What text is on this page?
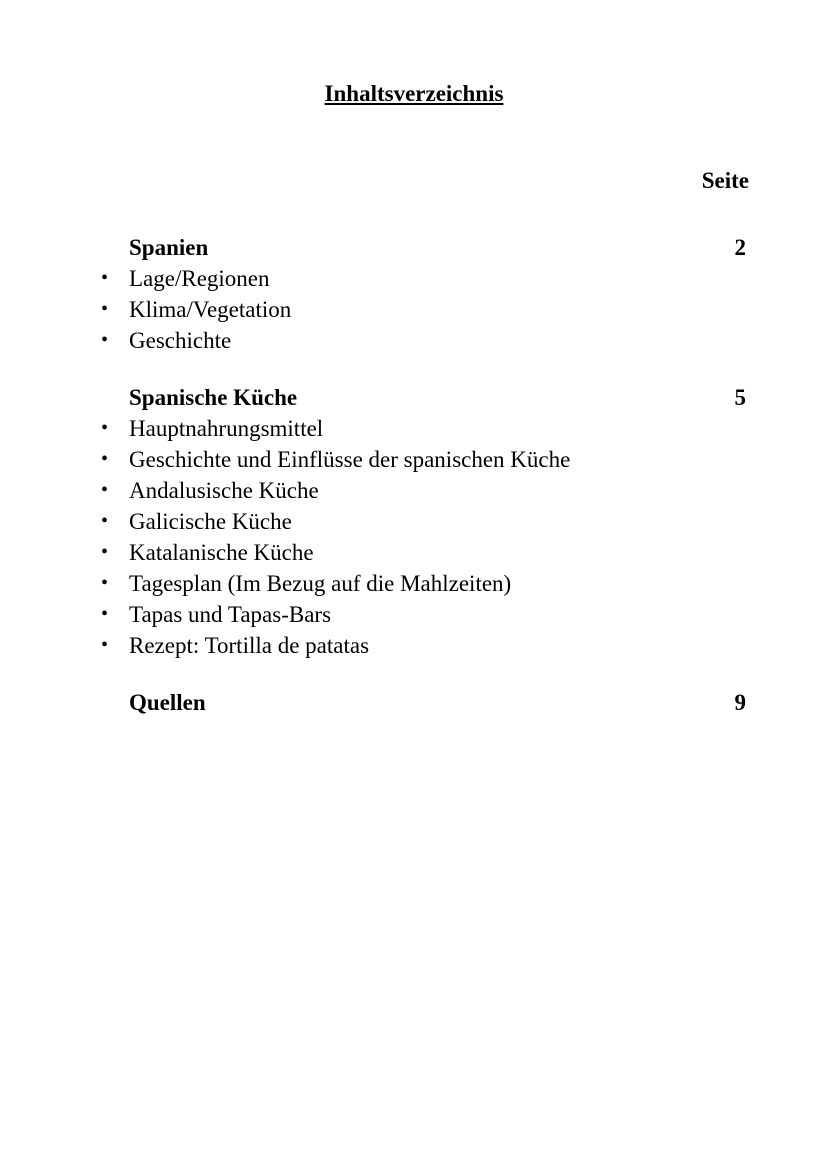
Inhaltsverzeichnis
Seite
Spanien	2
• Lage/Regionen
• Klima/Vegetation
• Geschichte
Spanische Küche	5
• Hauptnahrungsmittel
• Geschichte und Einflüsse der spanischen Küche
• Andalusische Küche
• Galicische Küche
• Katalanische Küche
• Tagesplan (Im Bezug auf die Mahlzeiten)
• Tapas und Tapas-Bars
• Rezept: Tortilla de patatas
Quellen	9
